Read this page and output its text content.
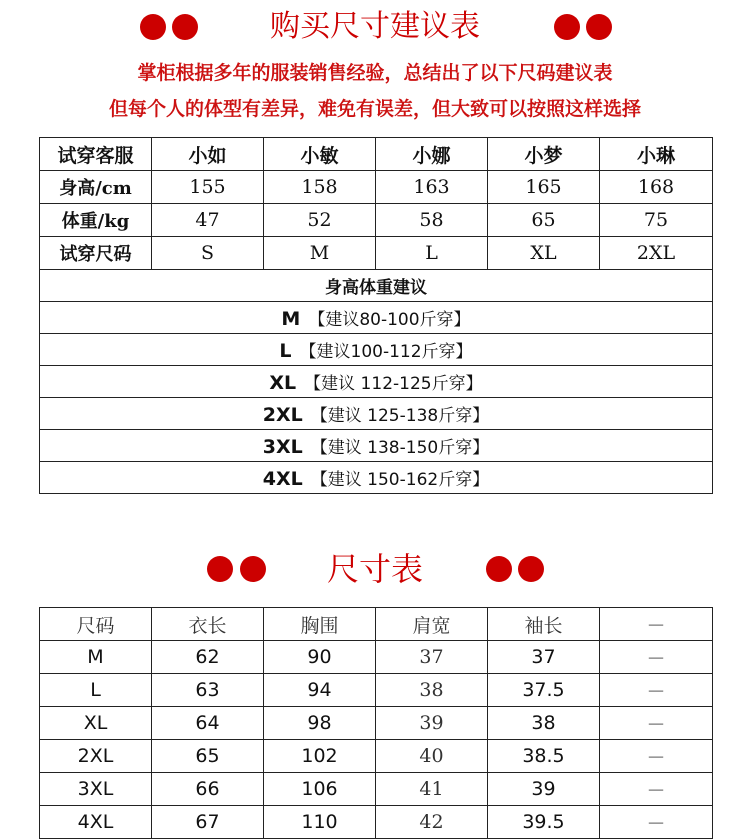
购买尺寸建议表
掌柜根据多年的服装销售经验，总结出了以下尺码建议表
但每个人的体型有差异，难免有误差，但大致可以按照这样选择
试穿客服	小如	小敏	小娜	小梦	小琳
身高/cm	155	158	163	165	168
体重/kg	47	52	58	65	75
试穿尺码	S	M	L	XL	2XL
身高体重建议					
M 【建议80-100斤穿】					
L 【建议100-112斤穿】					
XL 【建议 112-125斤穿】					
2XL 【建议 125-138斤穿】					
3XL 【建议 138-150斤穿】					
4XL 【建议 150-162斤穿】					
尺寸表
尺码	衣长	胸围	肩宽	袖长	－
M	62	90	37	37	－
L	63	94	38	37.5	－
XL	64	98	39	38	－
2XL	65	102	40	38.5	－
3XL	66	106	41	39	－
4XL	67	110	42	39.5	－
